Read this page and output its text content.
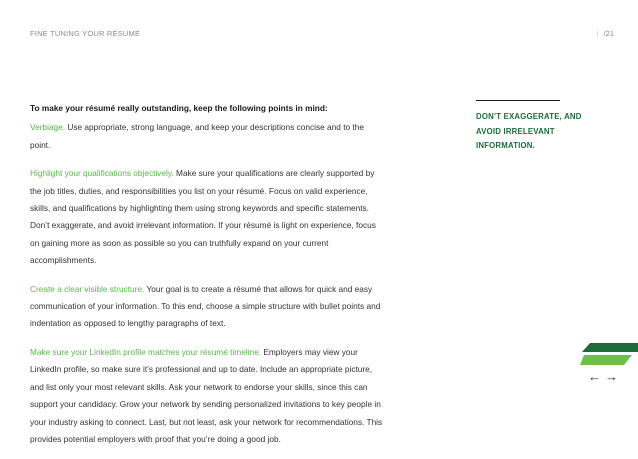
FINE TUNING YOUR RÉSUMÉ	| /21

To make your résumé really outstanding, keep the following points in mind:

Verbiage. Use appropriate, strong language, and keep your descriptions concise and to the point.

Highlight your qualifications objectively. Make sure your qualifications are clearly supported by the job titles, duties, and responsibilities you list on your résumé. Focus on valid experience, skills, and qualifications by highlighting them using strong keywords and specific statements. Don’t exaggerate, and avoid irrelevant information. If your résumé is light on experience, focus on gaining more as soon as possible so you can truthfully expand on your current accomplishments.

Create a clear visible structure. Your goal is to create a résumé that allows for quick and easy communication of your information. To this end, choose a simple structure with bullet points and indentation as opposed to lengthy paragraphs of text.

Make sure your LinkedIn profile matches your résumé timeline. Employers may view your LinkedIn profile, so make sure it’s professional and up to date. Include an appropriate picture, and list only your most relevant skills. Ask your network to endorse your skills, since this can support your candidacy. Grow your network by sending personalized invitations to key people in your industry asking to connect. Last, but not least, ask your network for recommendations. This provides potential employers with proof that you’re doing a good job.

DON’T EXAGGERATE, AND AVOID IRRELEVANT INFORMATION.
←→
